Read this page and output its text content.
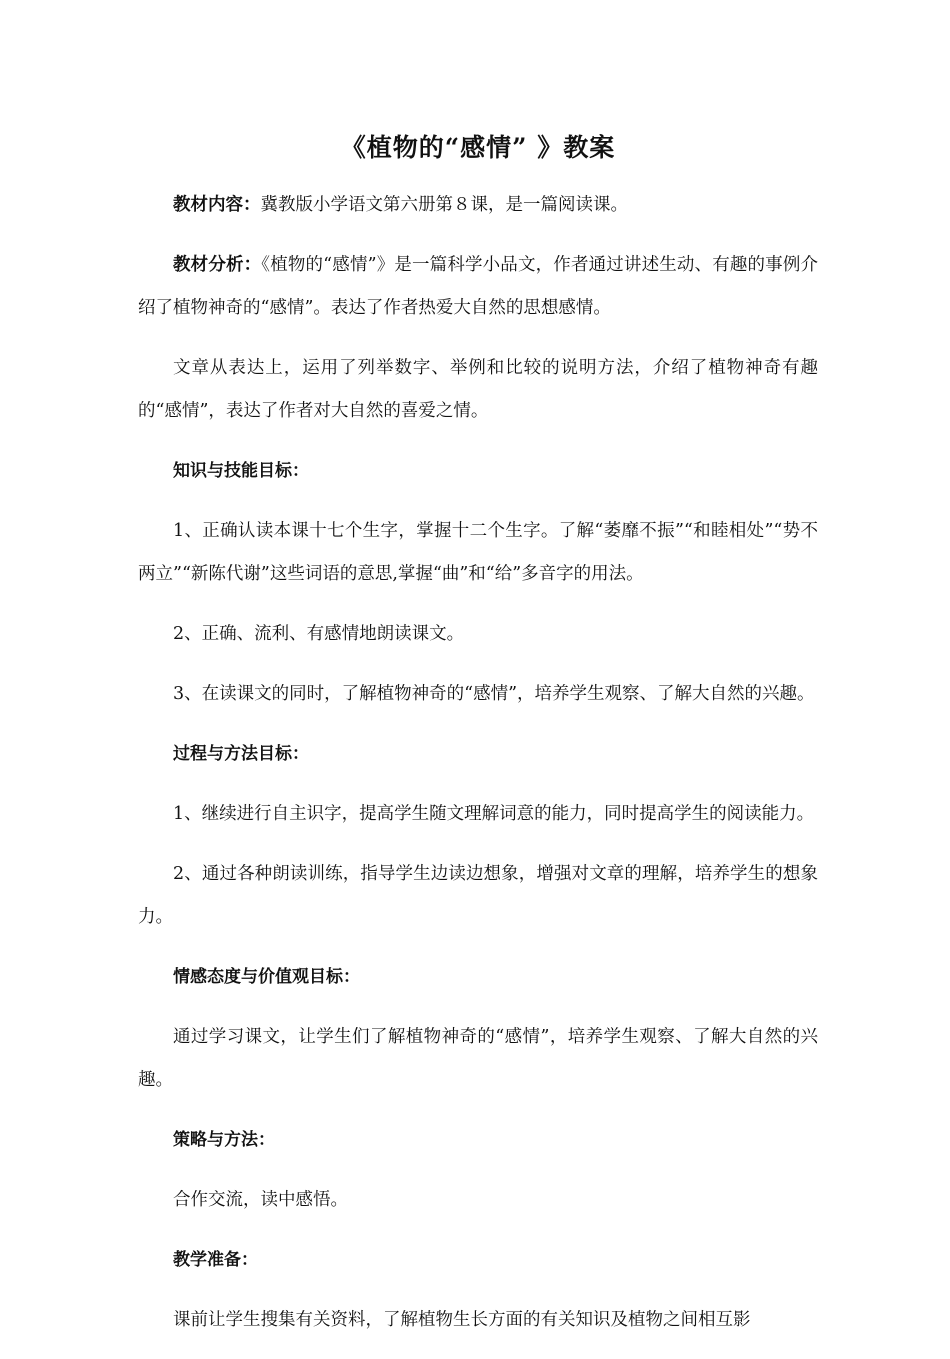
《植物的“感情” 》教案

教材内容：冀教版小学语文第六册第８课，是一篇阅读课。

教材分析：《植物的“感情”》是一篇科学小品文，作者通过讲述生动、有趣的事例介绍了植物神奇的“感情”。表达了作者热爱大自然的思想感情。

文章从表达上，运用了列举数字、举例和比较的说明方法，介绍了植物神奇有趣的“感情”，表达了作者对大自然的喜爱之情。

知识与技能目标：

1、正确认读本课十七个生字，掌握十二个生字。了解“萎靡不振”“和睦相处”“势不两立”“新陈代谢”这些词语的意思,掌握“曲”和“给”多音字的用法。

2、正确、流利、有感情地朗读课文。

3、在读课文的同时，了解植物神奇的“感情”，培养学生观察、了解大自然的兴趣。

过程与方法目标：

1、继续进行自主识字，提高学生随文理解词意的能力，同时提高学生的阅读能力。

2、通过各种朗读训练，指导学生边读边想象，增强对文章的理解，培养学生的想象力。

情感态度与价值观目标：

通过学习课文，让学生们了解植物神奇的“感情”，培养学生观察、了解大自然的兴趣。

策略与方法：

合作交流，读中感悟。

教学准备：

课前让学生搜集有关资料，了解植物生长方面的有关知识及植物之间相互影
